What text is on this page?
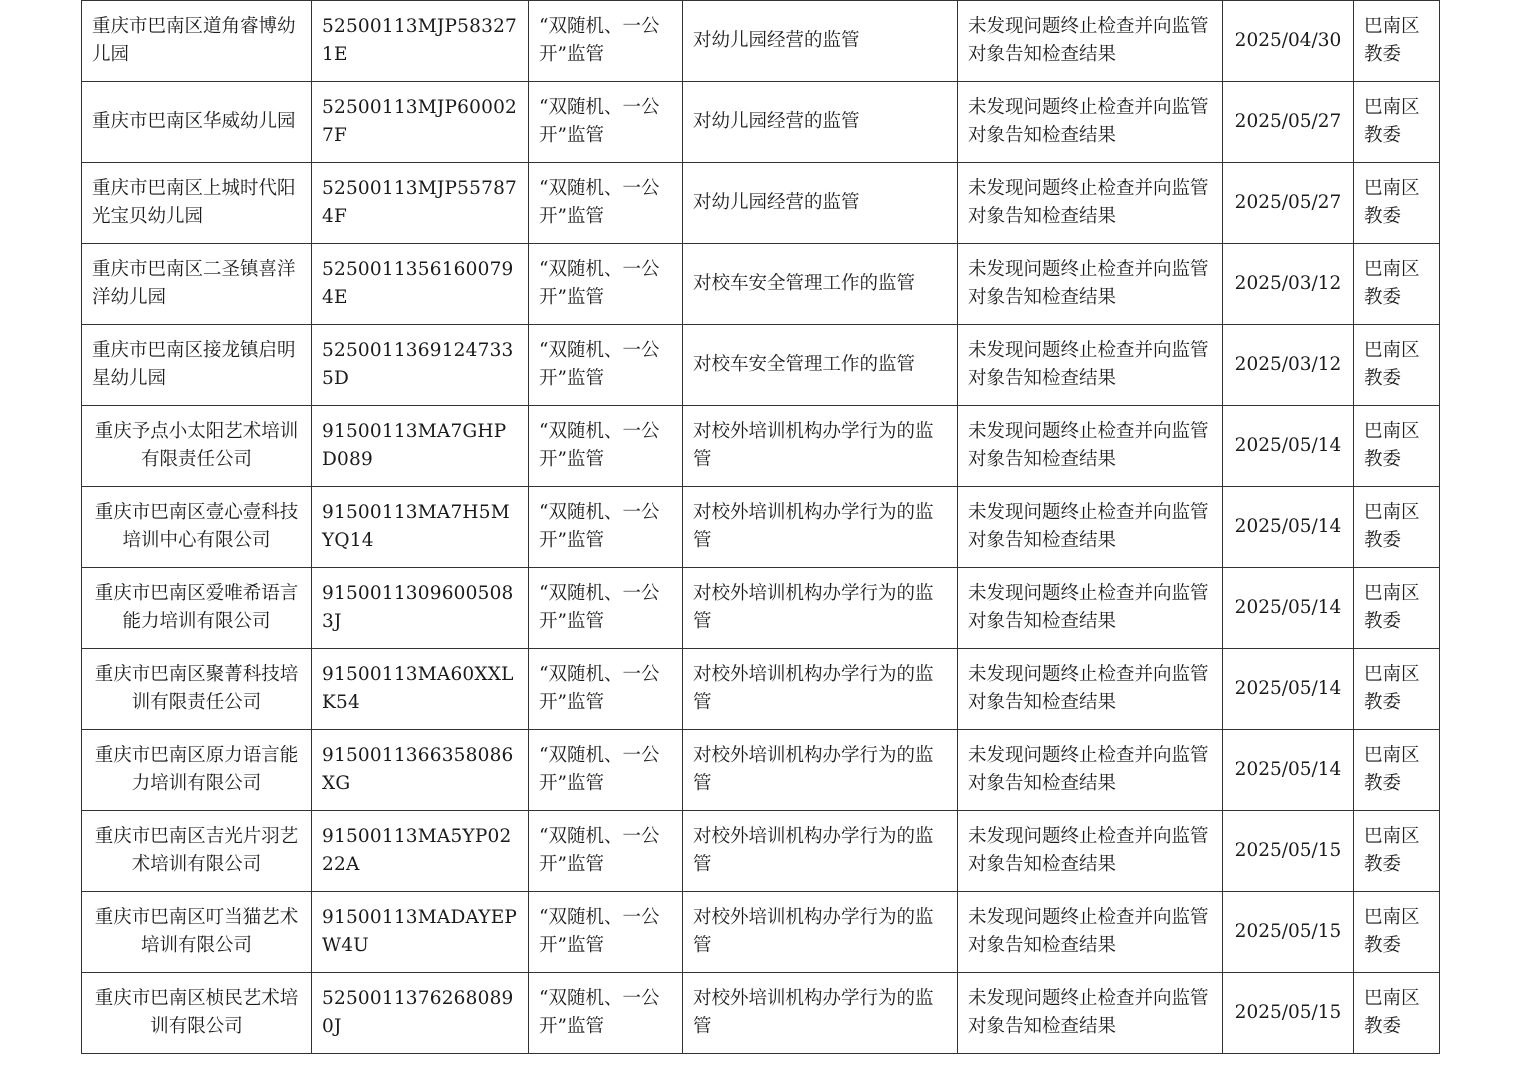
重庆市巴南区道角睿博幼儿园	52500113MJP583271E	“双随机、一公开”监管	对幼儿园经营的监管	未发现问题终止检查并向监管对象告知检查结果	2025/04/30	巴南区教委
重庆市巴南区华威幼儿园	52500113MJP600027F	“双随机、一公开”监管	对幼儿园经营的监管	未发现问题终止检查并向监管对象告知检查结果	2025/05/27	巴南区教委
重庆市巴南区上城时代阳光宝贝幼儿园	52500113MJP557874F	“双随机、一公开”监管	对幼儿园经营的监管	未发现问题终止检查并向监管对象告知检查结果	2025/05/27	巴南区教委
重庆市巴南区二圣镇喜洋洋幼儿园	52500113561600794E	“双随机、一公开”监管	对校车安全管理工作的监管	未发现问题终止检查并向监管对象告知检查结果	2025/03/12	巴南区教委
重庆市巴南区接龙镇启明星幼儿园	52500113691247335D	“双随机、一公开”监管	对校车安全管理工作的监管	未发现问题终止检查并向监管对象告知检查结果	2025/03/12	巴南区教委
重庆予点小太阳艺术培训有限责任公司	91500113MA7GHPD089	“双随机、一公开”监管	对校外培训机构办学行为的监管	未发现问题终止检查并向监管对象告知检查结果	2025/05/14	巴南区教委
重庆市巴南区壹心壹科技培训中心有限公司	91500113MA7H5MYQ14	“双随机、一公开”监管	对校外培训机构办学行为的监管	未发现问题终止检查并向监管对象告知检查结果	2025/05/14	巴南区教委
重庆市巴南区爱唯希语言能力培训有限公司	91500113096005083J	“双随机、一公开”监管	对校外培训机构办学行为的监管	未发现问题终止检查并向监管对象告知检查结果	2025/05/14	巴南区教委
重庆市巴南区聚菁科技培训有限责任公司	91500113MA60XXLK54	“双随机、一公开”监管	对校外培训机构办学行为的监管	未发现问题终止检查并向监管对象告知检查结果	2025/05/14	巴南区教委
重庆市巴南区原力语言能力培训有限公司	9150011366358086XG	“双随机、一公开”监管	对校外培训机构办学行为的监管	未发现问题终止检查并向监管对象告知检查结果	2025/05/14	巴南区教委
重庆市巴南区吉光片羽艺术培训有限公司	91500113MA5YP0222A	“双随机、一公开”监管	对校外培训机构办学行为的监管	未发现问题终止检查并向监管对象告知检查结果	2025/05/15	巴南区教委
重庆市巴南区叮当猫艺术培训有限公司	91500113MADAYEPW4U	“双随机、一公开”监管	对校外培训机构办学行为的监管	未发现问题终止检查并向监管对象告知检查结果	2025/05/15	巴南区教委
重庆市巴南区桢民艺术培训有限公司	52500113762680890J	“双随机、一公开”监管	对校外培训机构办学行为的监管	未发现问题终止检查并向监管对象告知检查结果	2025/05/15	巴南区教委
